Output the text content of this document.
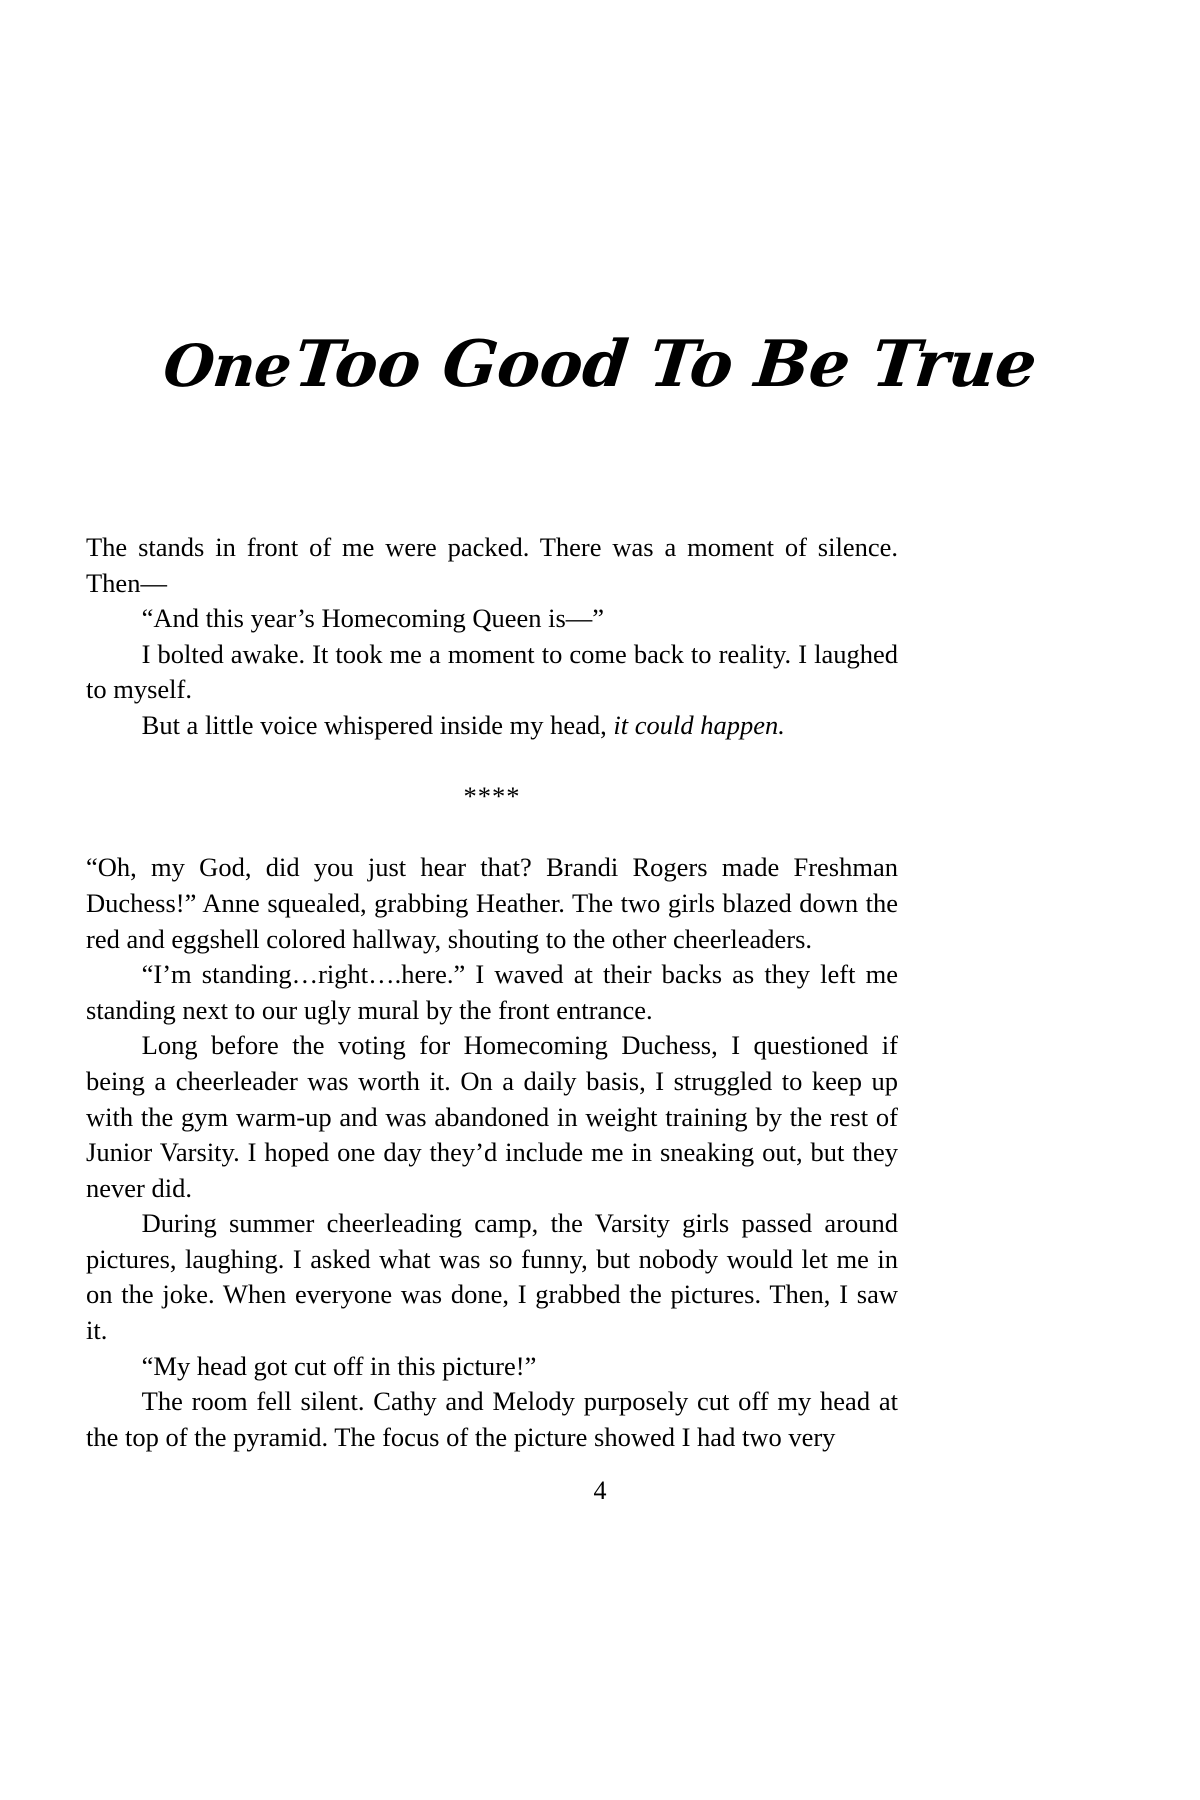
One Too Good To Be True

The stands in front of me were packed. There was a moment of silence. Then—

“And this year’s Homecoming Queen is—”

I bolted awake. It took me a moment to come back to reality. I laughed to myself.

But a little voice whispered inside my head, it could happen.

****

“Oh, my God, did you just hear that? Brandi Rogers made Freshman Duchess!” Anne squealed, grabbing Heather. The two girls blazed down the red and eggshell colored hallway, shouting to the other cheerleaders.

“I’m standing…right….here.” I waved at their backs as they left me standing next to our ugly mural by the front entrance.

Long before the voting for Homecoming Duchess, I questioned if being a cheerleader was worth it. On a daily basis, I struggled to keep up with the gym warm-up and was abandoned in weight training by the rest of Junior Varsity. I hoped one day they’d include me in sneaking out, but they never did.

During summer cheerleading camp, the Varsity girls passed around pictures, laughing. I asked what was so funny, but nobody would let me in on the joke. When everyone was done, I grabbed the pictures. Then, I saw it.

“My head got cut off in this picture!”

The room fell silent. Cathy and Melody purposely cut off my head at the top of the pyramid. The focus of the picture showed I had two very

4
